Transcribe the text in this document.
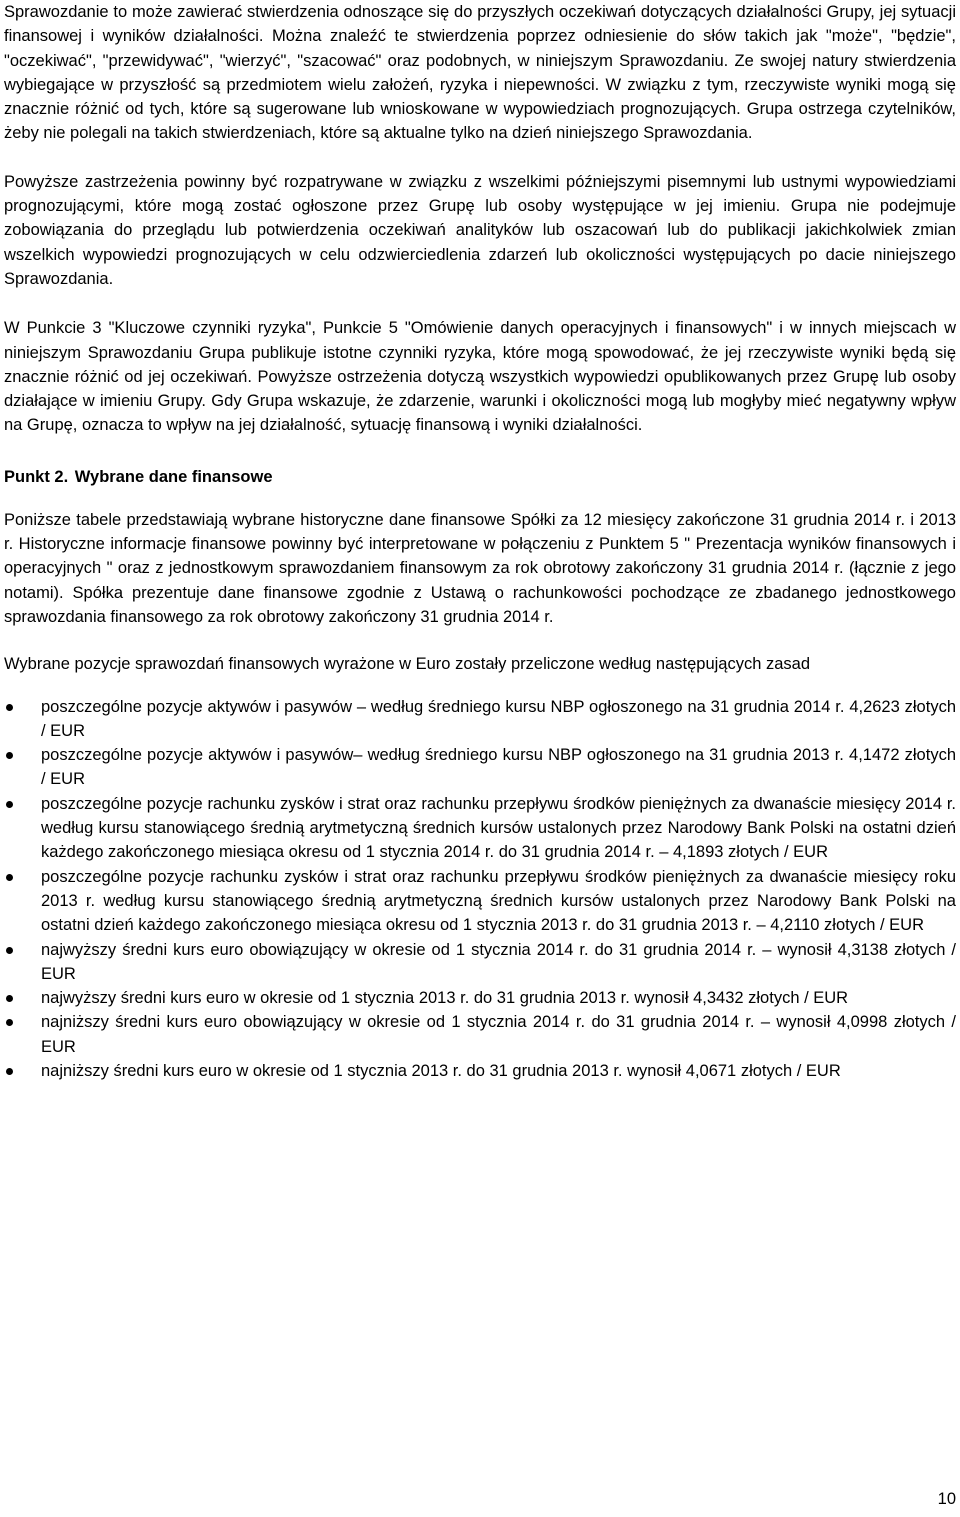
Sprawozdanie to może zawierać stwierdzenia odnoszące się do przyszłych oczekiwań dotyczących działalności Grupy, jej sytuacji finansowej i wyników działalności. Można znaleźć te stwierdzenia poprzez odniesienie do słów takich jak "może", "będzie", "oczekiwać", "przewidywać", "wierzyć", "szacować" oraz podobnych, w niniejszym Sprawozdaniu. Ze swojej natury stwierdzenia wybiegające w przyszłość są przedmiotem wielu założeń, ryzyka i niepewności. W związku z tym, rzeczywiste wyniki mogą się znacznie różnić od tych, które są sugerowane lub wnioskowane w wypowiedziach prognozujących. Grupa ostrzega czytelników, żeby nie polegali na takich stwierdzeniach, które są aktualne tylko na dzień niniejszego Sprawozdania.

Powyższe zastrzeżenia powinny być rozpatrywane w związku z wszelkimi późniejszymi pisemnymi lub ustnymi wypowiedziami prognozującymi, które mogą zostać ogłoszone przez Grupę lub osoby występujące w jej imieniu. Grupa nie podejmuje zobowiązania do przeglądu lub potwierdzenia oczekiwań analityków lub oszacowań lub do publikacji jakichkolwiek zmian wszelkich wypowiedzi prognozujących w celu odzwierciedlenia zdarzeń lub okoliczności występujących po dacie niniejszego Sprawozdania.

W Punkcie 3 "Kluczowe czynniki ryzyka", Punkcie 5 "Omówienie danych operacyjnych i finansowych" i w innych miejscach w niniejszym Sprawozdaniu Grupa publikuje istotne czynniki ryzyka, które mogą spowodować, że jej rzeczywiste wyniki będą się znacznie różnić od jej oczekiwań. Powyższe ostrzeżenia dotyczą wszystkich wypowiedzi opublikowanych przez Grupę lub osoby działające w imieniu Grupy. Gdy Grupa wskazuje, że zdarzenie, warunki i okoliczności mogą lub mogłyby mieć negatywny wpływ na Grupę, oznacza to wpływ na jej działalność, sytuację finansową i wyniki działalności.

Punkt 2. Wybrane dane finansowe

Poniższe tabele przedstawiają wybrane historyczne dane finansowe Spółki za 12 miesięcy zakończone 31 grudnia 2014 r. i 2013 r. Historyczne informacje finansowe powinny być interpretowane w połączeniu z Punktem 5 " Prezentacja wyników finansowych i operacyjnych " oraz z jednostkowym sprawozdaniem finansowym za rok obrotowy zakończony 31 grudnia 2014 r. (łącznie z jego notami). Spółka prezentuje dane finansowe zgodnie z Ustawą o rachunkowości pochodzące ze zbadanego jednostkowego sprawozdania finansowego za rok obrotowy zakończony 31 grudnia 2014 r.

Wybrane pozycje sprawozdań finansowych wyrażone w Euro zostały przeliczone według następujących zasad

poszczególne pozycje aktywów i pasywów – według średniego kursu NBP ogłoszonego na 31 grudnia 2014 r. 4,2623 złotych / EUR
poszczególne pozycje aktywów i pasywów– według średniego kursu NBP ogłoszonego na 31 grudnia 2013 r. 4,1472 złotych / EUR
poszczególne pozycje rachunku zysków i strat oraz rachunku przepływu środków pieniężnych za dwanaście miesięcy 2014 r. według kursu stanowiącego średnią arytmetyczną średnich kursów ustalonych przez Narodowy Bank Polski na ostatni dzień każdego zakończonego miesiąca okresu od 1 stycznia 2014 r. do 31 grudnia 2014 r. – 4,1893 złotych / EUR
poszczególne pozycje rachunku zysków i strat oraz rachunku przepływu środków pieniężnych za dwanaście miesięcy roku 2013 r. według kursu stanowiącego średnią arytmetyczną średnich kursów ustalonych przez Narodowy Bank Polski na ostatni dzień każdego zakończonego miesiąca okresu od 1 stycznia 2013 r. do 31 grudnia 2013 r. – 4,2110 złotych / EUR
najwyższy średni kurs euro obowiązujący w okresie od 1 stycznia 2014 r. do 31 grudnia 2014 r. – wynosił 4,3138 złotych / EUR
najwyższy średni kurs euro w okresie od 1 stycznia 2013 r. do 31 grudnia 2013 r. wynosił 4,3432 złotych / EUR
najniższy średni kurs euro obowiązujący w okresie od 1 stycznia 2014 r. do 31 grudnia 2014 r. – wynosił 4,0998 złotych / EUR
najniższy średni kurs euro w okresie od 1 stycznia 2013 r. do 31 grudnia 2013 r. wynosił 4,0671 złotych / EUR
10
